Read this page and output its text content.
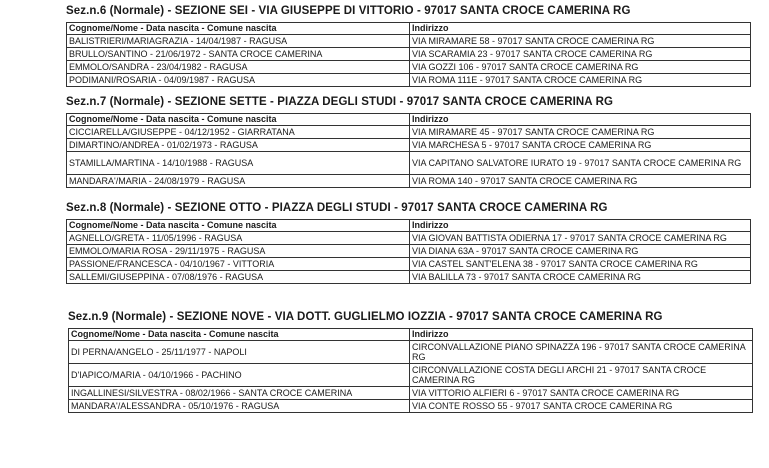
Sez.n.6 (Normale) - SEZIONE SEI - VIA GIUSEPPE DI VITTORIO - 97017 SANTA CROCE CAMERINA RG
Cognome/Nome - Data nascita - Comune nascita	Indirizzo
BALISTRIERI/MARIAGRAZIA - 14/04/1987 - RAGUSA	VIA MIRAMARE 58 - 97017 SANTA CROCE CAMERINA RG
BRULLO/SANTINO - 21/06/1972 - SANTA CROCE CAMERINA	VIA SCARAMIA 23 - 97017 SANTA CROCE CAMERINA RG
EMMOLO/SANDRA - 23/04/1982 - RAGUSA	VIA GOZZI 106 - 97017 SANTA CROCE CAMERINA RG
PODIMANI/ROSARIA - 04/09/1987 - RAGUSA	VIA ROMA 111E - 97017 SANTA CROCE CAMERINA RG
Sez.n.7 (Normale) - SEZIONE SETTE - PIAZZA DEGLI STUDI - 97017 SANTA CROCE CAMERINA RG
Cognome/Nome - Data nascita - Comune nascita	Indirizzo
CICCIARELLA/GIUSEPPE - 04/12/1952 - GIARRATANA	VIA MIRAMARE 45 - 97017 SANTA CROCE CAMERINA RG
DIMARTINO/ANDREA - 01/02/1973 - RAGUSA	VIA MARCHESA 5 - 97017 SANTA CROCE CAMERINA RG
STAMILLA/MARTINA - 14/10/1988 - RAGUSA	VIA CAPITANO SALVATORE IURATO 19 - 97017 SANTA CROCE CAMERINA RG
MANDARA'/MARIA - 24/08/1979 - RAGUSA	VIA ROMA 140 - 97017 SANTA CROCE CAMERINA RG
Sez.n.8 (Normale) - SEZIONE OTTO - PIAZZA DEGLI STUDI - 97017 SANTA CROCE CAMERINA RG
Cognome/Nome - Data nascita - Comune nascita	Indirizzo
AGNELLO/GRETA - 11/05/1996 - RAGUSA	VIA GIOVAN BATTISTA ODIERNA 17 - 97017 SANTA CROCE CAMERINA RG
EMMOLO/MARIA ROSA - 29/11/1975 - RAGUSA	VIA DIANA 63A - 97017 SANTA CROCE CAMERINA RG
PASSIONE/FRANCESCA - 04/10/1967 - VITTORIA	VIA CASTEL SANT'ELENA 38 - 97017 SANTA CROCE CAMERINA RG
SALLEMI/GIUSEPPINA - 07/08/1976 - RAGUSA	VIA BALILLA 73 - 97017 SANTA CROCE CAMERINA RG
Sez.n.9 (Normale) - SEZIONE NOVE - VIA DOTT. GUGLIELMO IOZZIA - 97017 SANTA CROCE CAMERINA RG
Cognome/Nome - Data nascita - Comune nascita	Indirizzo
DI PERNA/ANGELO - 25/11/1977 - NAPOLI	CIRCONVALLAZIONE PIANO SPINAZZA 196 - 97017 SANTA CROCE CAMERINA RG
D'IAPICO/MARIA - 04/10/1966 - PACHINO	CIRCONVALLAZIONE COSTA DEGLI ARCHI 21 - 97017 SANTA CROCE CAMERINA RG
INGALLINESI/SILVESTRA - 08/02/1966 - SANTA CROCE CAMERINA	VIA VITTORIO ALFIERI 6 - 97017 SANTA CROCE CAMERINA RG
MANDARA'/ALESSANDRA - 05/10/1976 - RAGUSA	VIA CONTE ROSSO 55 - 97017 SANTA CROCE CAMERINA RG
